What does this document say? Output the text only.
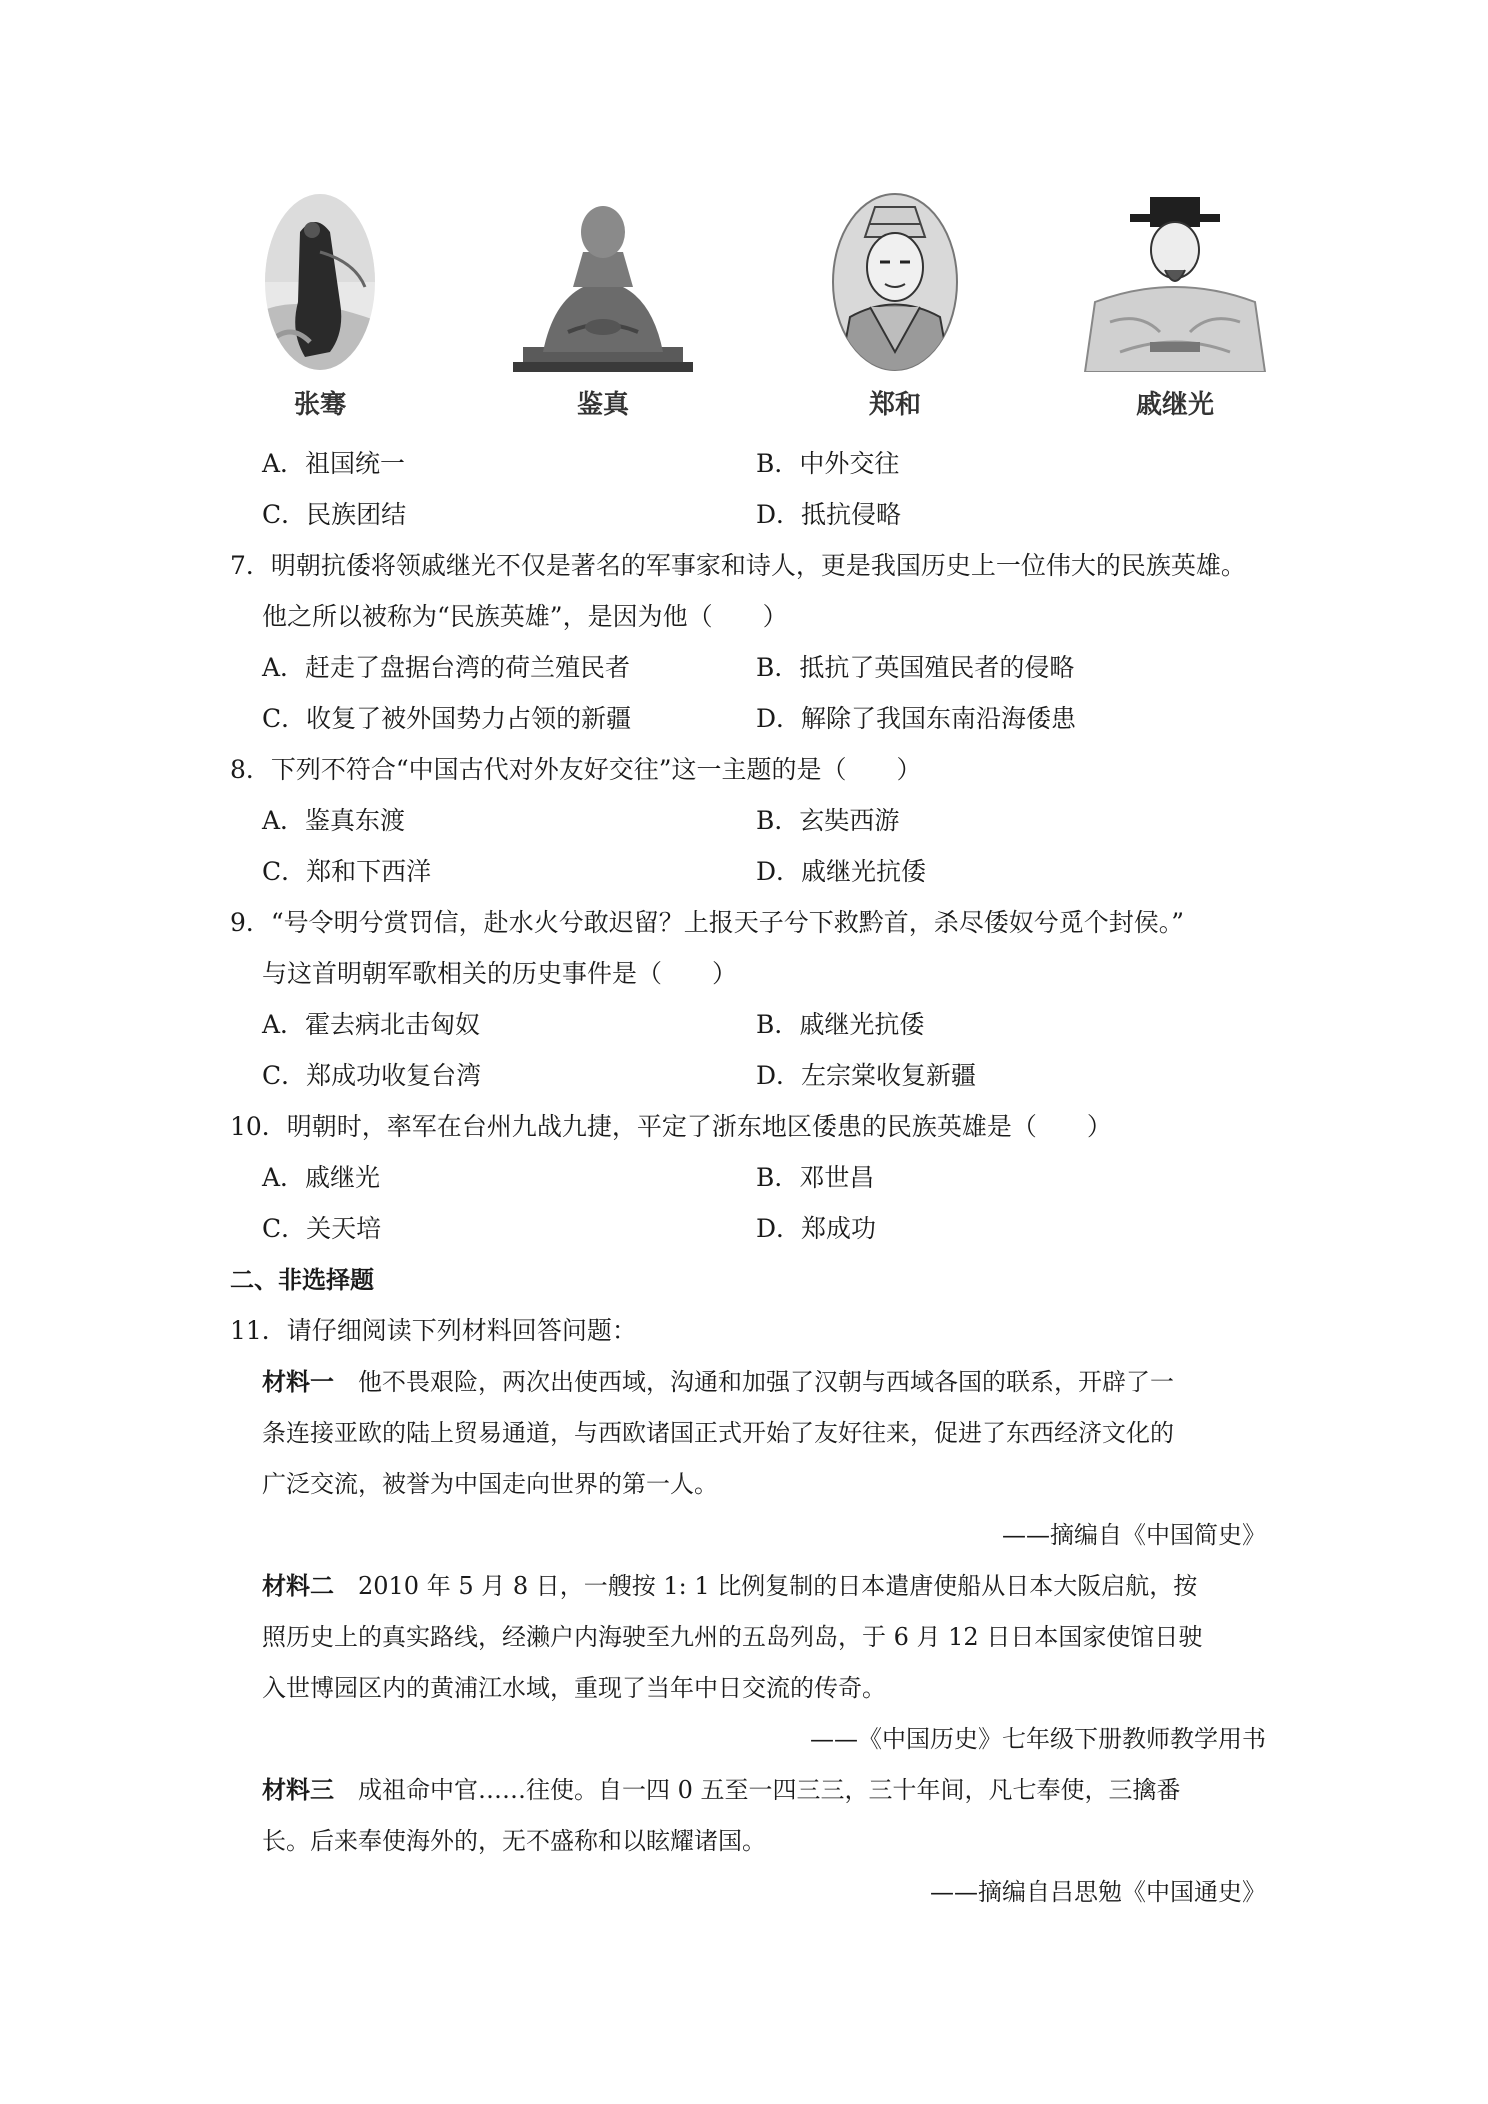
张骞	鉴真	郑和	戚继光
A．祖国统一	B．中外交往
C．民族团结	D．抵抗侵略
7．明朝抗倭将领戚继光不仅是著名的军事家和诗人，更是我国历史上一位伟大的民族英雄。
他之所以被称为“民族英雄”，是因为他（　　）
A．赶走了盘据台湾的荷兰殖民者	B．抵抗了英国殖民者的侵略
C．收复了被外国势力占领的新疆	D．解除了我国东南沿海倭患
8．下列不符合“中国古代对外友好交往”这一主题的是（　　）
A．鉴真东渡	B．玄奘西游
C．郑和下西洋	D．戚继光抗倭
9．“号令明兮赏罚信，赴水火兮敢迟留？上报天子兮下救黔首，杀尽倭奴兮觅个封侯。”
与这首明朝军歌相关的历史事件是（　　）
A．霍去病北击匈奴	B．戚继光抗倭
C．郑成功收复台湾	D．左宗棠收复新疆
10．明朝时，率军在台州九战九捷，平定了浙东地区倭患的民族英雄是（　　）
A．戚继光	B．邓世昌
C．关天培	D．郑成功
二、非选择题
11．请仔细阅读下列材料回答问题：
材料一　他不畏艰险，两次出使西域，沟通和加强了汉朝与西域各国的联系，开辟了一
条连接亚欧的陆上贸易通道，与西欧诸国正式开始了友好往来，促进了东西经济文化的
广泛交流，被誉为中国走向世界的第一人。
——摘编自《中国简史》
材料二　2010 年 5 月 8 日，一艘按 1: 1 比例复制的日本遣唐使船从日本大阪启航，按
照历史上的真实路线，经濑户内海驶至九州的五岛列岛，于 6 月 12 日日本国家使馆日驶
入世博园区内的黄浦江水域，重现了当年中日交流的传奇。
——《中国历史》七年级下册教师教学用书
材料三　成祖命中官……往使。自一四 0 五至一四三三，三十年间，凡七奉使，三擒番
长。后来奉使海外的，无不盛称和以眩耀诸国。
——摘编自吕思勉《中国通史》
